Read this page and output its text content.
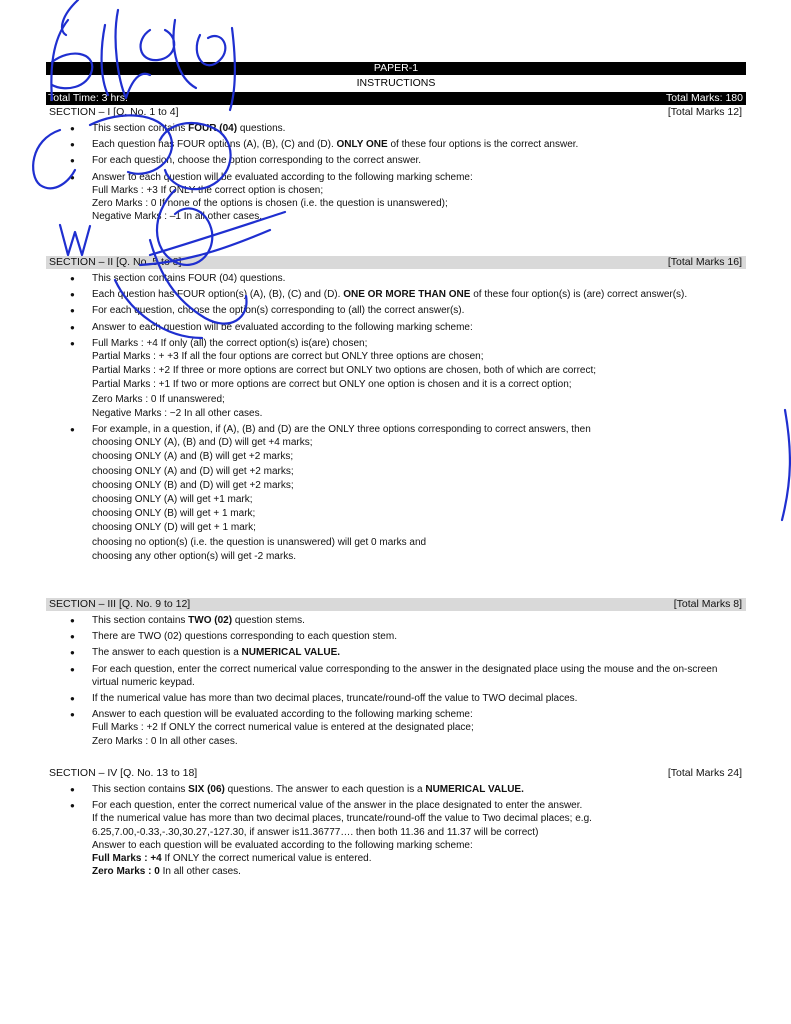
PAPER-1
INSTRUCTIONS
Total Time: 3 hrs.	Total Marks: 180
SECTION – I [Q. No. 1 to 4]	[Total Marks 12]
● This section contains FOUR (04) questions.
● Each question has FOUR options (A), (B), (C) and (D). ONLY ONE of these four options is the correct answer.
● For each question, choose the option corresponding to the correct answer.
● Answer to each question will be evaluated according to the following marking scheme:
Full Marks : +3 If ONLY the correct option is chosen;
Zero Marks : 0 If none of the options is chosen (i.e. the question is unanswered);
Negative Marks : –1 In all other cases.
SECTION – II [Q. No. 5 to 8]	[Total Marks 16]
● This section contains FOUR (04) questions.
● Each question has FOUR option(s) (A), (B), (C) and (D). ONE OR MORE THAN ONE of these four option(s) is (are) correct answer(s).
● For each question, choose the option(s) corresponding to (all) the correct answer(s).
● Answer to each question will be evaluated according to the following marking scheme:
● Full Marks : +4 If only (all) the correct option(s) is(are) chosen;
Partial Marks : + +3 If all the four options are correct but ONLY three options are chosen;
Partial Marks : +2 If three or more options are correct but ONLY two options are chosen, both of which are correct;
Partial Marks : +1 If two or more options are correct but ONLY one option is chosen and it is a correct option;
Zero Marks : 0 If unanswered;
Negative Marks : −2 In all other cases.
● For example, in a question, if (A), (B) and (D) are the ONLY three options corresponding to correct answers, then
choosing ONLY (A), (B) and (D) will get +4 marks;
choosing ONLY (A) and (B) will get +2 marks;
choosing ONLY (A) and (D) will get +2 marks;
choosing ONLY (B) and (D) will get +2 marks;
choosing ONLY (A) will get +1 mark;
choosing ONLY (B) will get + 1 mark;
choosing ONLY (D) will get + 1 mark;
choosing no option(s) (i.e. the question is unanswered) will get 0 marks and
choosing any other option(s) will get -2 marks.
SECTION – III [Q. No. 9 to 12]	[Total Marks 8]
● This section contains TWO (02) question stems.
● There are TWO (02) questions corresponding to each question stem.
● The answer to each question is a NUMERICAL VALUE.
● For each question, enter the correct numerical value corresponding to the answer in the designated place using the mouse and the on-screen virtual numeric keypad.
● If the numerical value has more than two decimal places, truncate/round-off the value to TWO decimal places.
● Answer to each question will be evaluated according to the following marking scheme:
Full Marks : +2 If ONLY the correct numerical value is entered at the designated place;
Zero Marks : 0 In all other cases.
SECTION – IV [Q. No. 13 to 18]	[Total Marks 24]
● This section contains SIX (06) questions. The answer to each question is a NUMERICAL VALUE.
● For each question, enter the correct numerical value of the answer in the place designated to enter the answer.
If the numerical value has more than two decimal places, truncate/round-off the value to Two decimal places; e.g.
6.25,7.00,-0.33,-.30,30.27,-127.30, if answer is11.36777…. then both 11.36 and 11.37 will be correct)
Answer to each question will be evaluated according to the following marking scheme:
Full Marks : +4 If ONLY the correct numerical value is entered.
Zero Marks : 0 In all other cases.
